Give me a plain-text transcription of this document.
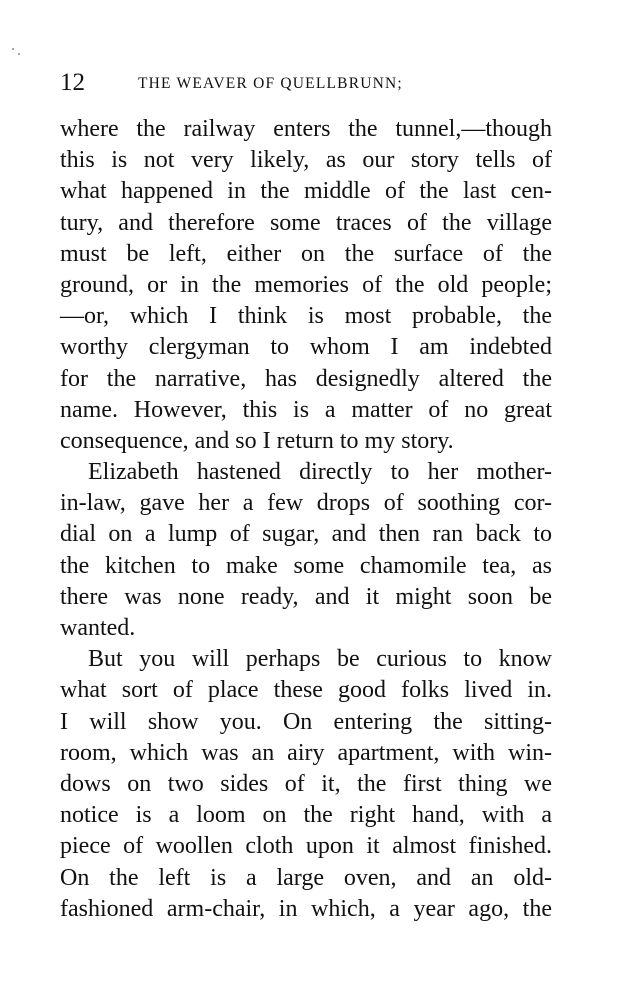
12	THE WEAVER OF QUELLBRUNN;
where the railway enters the tunnel,—though
this is not very likely, as our story tells of
what happened in the middle of the last cen-
tury, and therefore some traces of the village
must be left, either on the surface of the
ground, or in the memories of the old people;
—or, which I think is most probable, the
worthy clergyman to whom I am indebted
for the narrative, has designedly altered the
name. However, this is a matter of no great
consequence, and so I return to my story.
Elizabeth hastened directly to her mother-
in-law, gave her a few drops of soothing cor-
dial on a lump of sugar, and then ran back to
the kitchen to make some chamomile tea, as
there was none ready, and it might soon be
wanted.
But you will perhaps be curious to know
what sort of place these good folks lived in.
I will show you. On entering the sitting-
room, which was an airy apartment, with win-
dows on two sides of it, the first thing we
notice is a loom on the right hand, with a
piece of woollen cloth upon it almost finished.
On the left is a large oven, and an old-
fashioned arm-chair, in which, a year ago, the
